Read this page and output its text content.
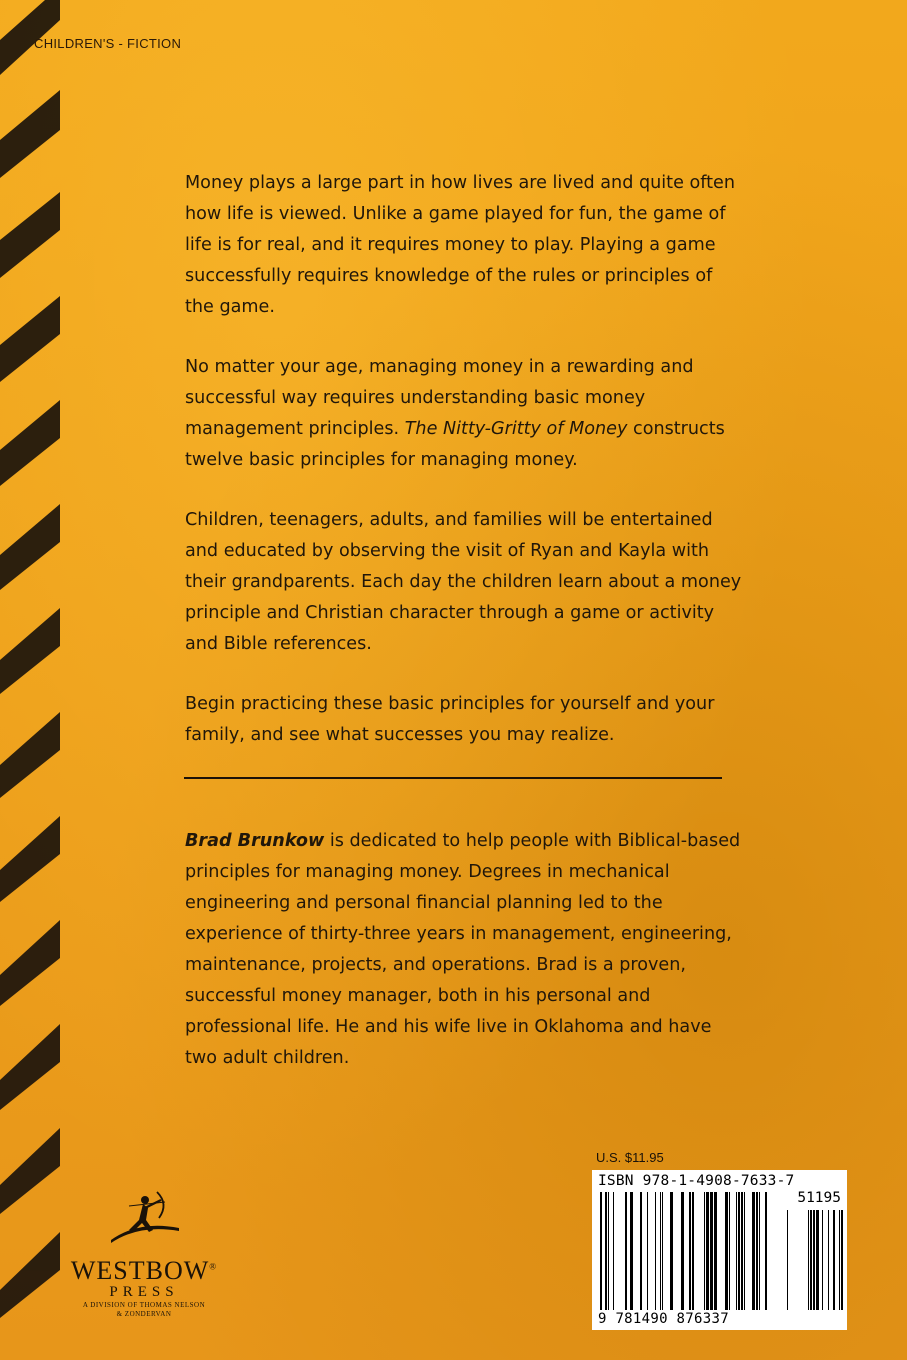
CHILDREN'S - FICTION

Money plays a large part in how lives are lived and quite often how life is viewed. Unlike a game played for fun, the game of life is for real, and it requires money to play. Playing a game successfully requires knowledge of the rules or principles of the game.

No matter your age, managing money in a rewarding and successful way requires understanding basic money management principles. The Nitty-Gritty of Money constructs twelve basic principles for managing money.

Children, teenagers, adults, and families will be entertained and educated by observing the visit of Ryan and Kayla with their grandparents. Each day the children learn about a money principle and Christian character through a game or activity and Bible references.

Begin practicing these basic principles for yourself and your family, and see what successes you may realize.

Brad Brunkow is dedicated to help people with Biblical-based principles for managing money. Degrees in mechanical engineering and personal financial planning led to the experience of thirty-three years in management, engineering, maintenance, projects, and operations. Brad is a proven, successful money manager, both in his personal and professional life. He and his wife live in Oklahoma and have two adult children.

WESTBOW®
PRESS
A DIVISION OF THOMAS NELSON
& ZONDERVAN
U.S. $11.95
ISBN 978-1-4908-7633-7
51195
9 781490 876337
